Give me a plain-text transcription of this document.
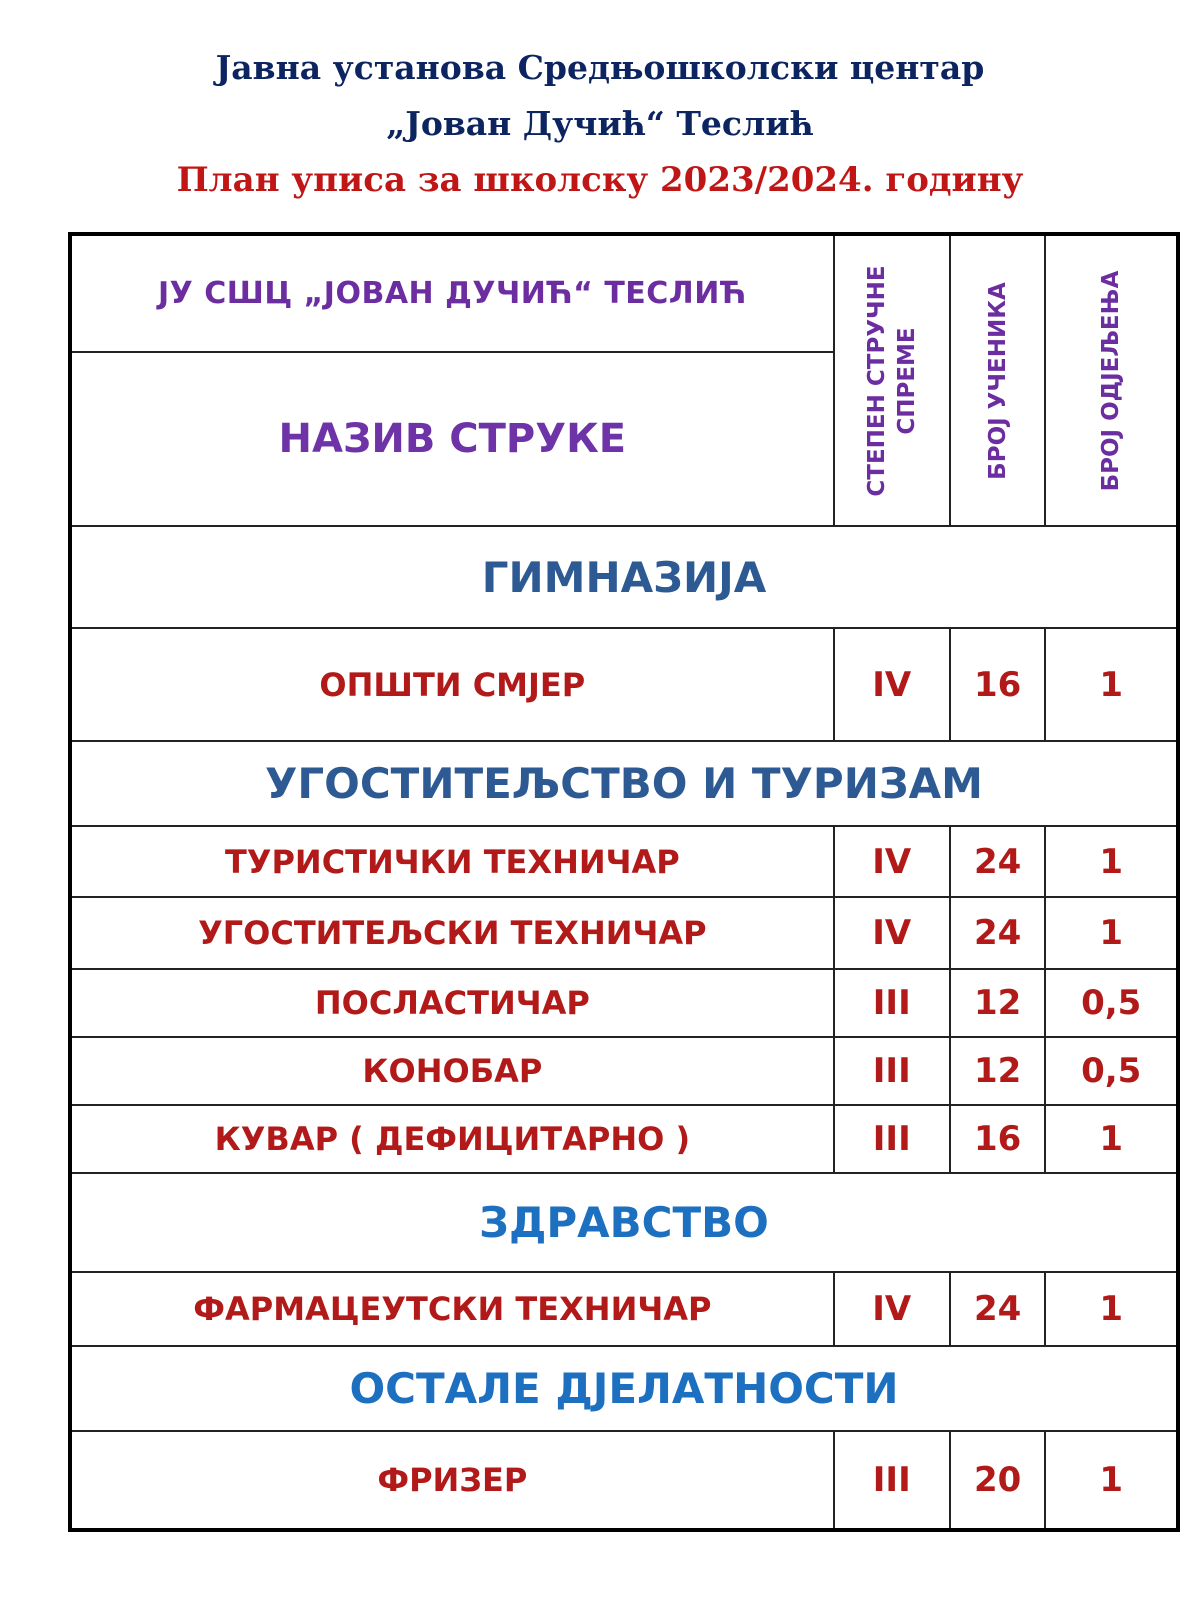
Јавна установа Средњошколски центар
„Јован Дучић“ Теслић
План уписа за школску 2023/2024. годину
ЈУ СШЦ „ЈОВАН ДУЧИЋ“ ТЕСЛИЋ	СТЕПЕН СТРУЧНЕ СПРЕМЕ	БРОЈ УЧЕНИКА	БРОЈ ОДЈЕЉЕЊА

НАЗИВ СТРУКЕ			
ГИМНАЗИЈА			
ОПШТИ СМЈЕР	IV	16	1
УГОСТИТЕЉСТВО И ТУРИЗАМ			
ТУРИСТИЧКИ ТЕХНИЧАР	IV	24	1
УГОСТИТЕЉСКИ ТЕХНИЧАР	IV	24	1
ПОСЛАСТИЧАР	III	12	0,5
КОНОБАР	III	12	0,5
КУВАР ( ДЕФИЦИТАРНО )	III	16	1
ЗДРАВСТВО			
ФАРМАЦЕУТСКИ ТЕХНИЧАР	IV	24	1
ОСТАЛЕ ДЈЕЛАТНОСТИ			
ФРИЗЕР	III	20	1
